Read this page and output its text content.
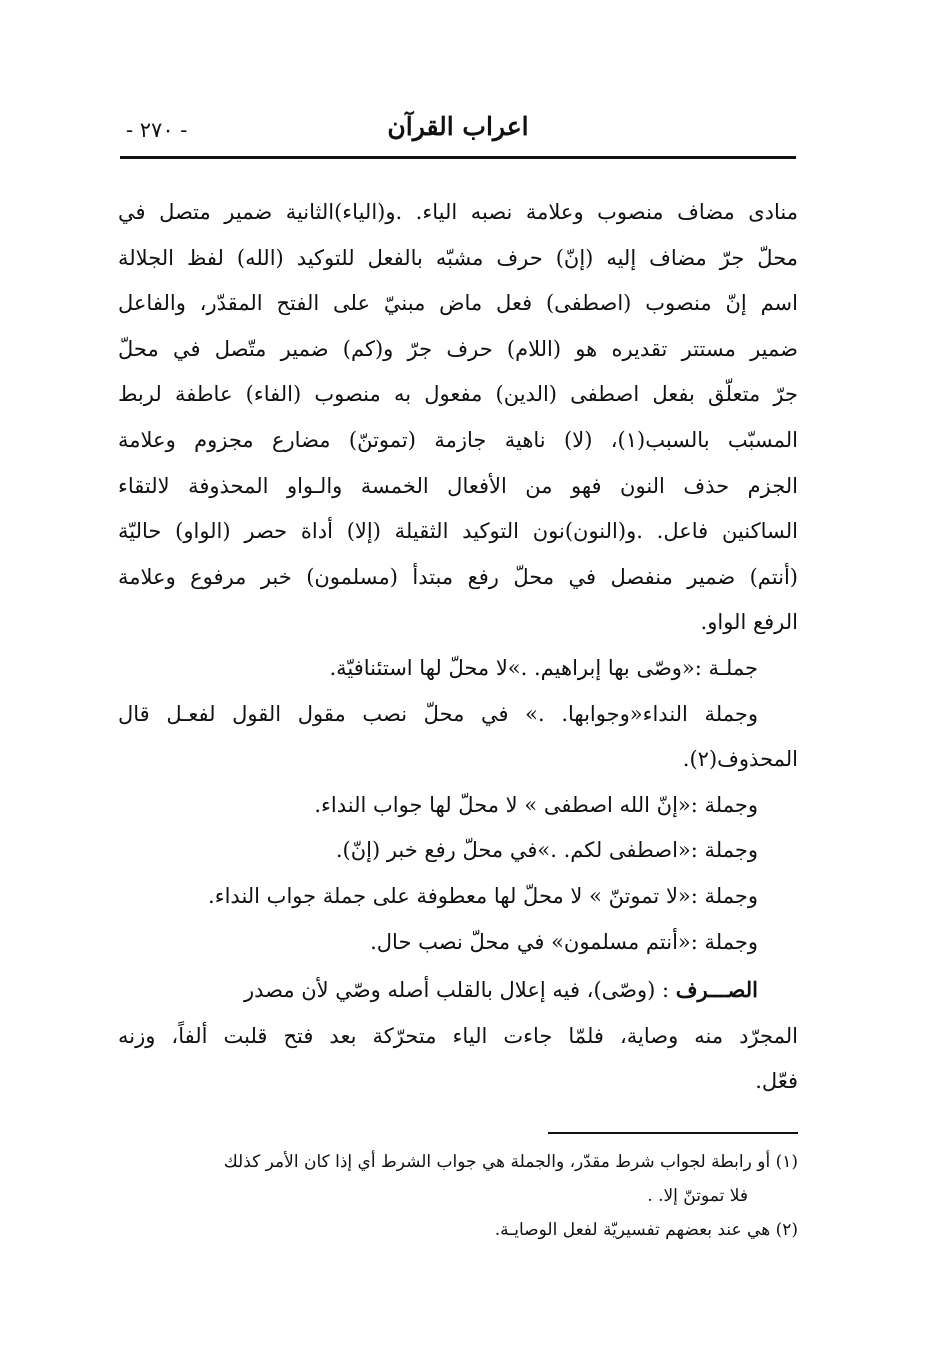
اعراب القرآن
- ٢٧٠ -
منادى مضاف منصوب وعلامة نصبه الياء. .و(الياء)الثانية ضمير متصل في
محلّ جرّ مضاف إليه (إنّ) حرف مشبّه بالفعل للتوكيد (الله) لفظ الجلالة
اسم إنّ منصوب (اصطفى) فعل ماض مبنيّ على الفتح المقدّر، والفاعل
ضمير مستتر تقديره هو (اللام) حرف جرّ و(كم) ضمير متّصل في محلّ
جرّ متعلّق بفعل اصطفى (الدين) مفعول به منصوب (الفاء) عاطفة لربط
المسبّب بالسبب(١)، (لا) ناهية جازمة (تموتنّ) مضارع مجزوم وعلامة
الجزم حذف النون فهو من الأفعال الخمسة والـواو المحذوفة لالتقاء
الساكنين فاعل. .و(النون)نون التوكيد الثقيلة (إلا) أداة حصر (الواو) حاليّة
(أنتم) ضمير منفصل في محلّ رفع مبتدأ (مسلمون) خبر مرفوع وعلامة
الرفع الواو.
جملـة :«وصّى بها إبراهيم. .»لا محلّ لها استئنافيّة.
وجملة النداء«وجوابها. .» في محلّ نصب مقول القول لفعـل قال
المحذوف(٢).
وجملة :«إنّ الله اصطفى » لا محلّ لها جواب النداء.
وجملة :«اصطفى لكم. .»في محلّ رفع خبر (إنّ).
وجملة :«لا تموتنّ » لا محلّ لها معطوفة على جملة جواب النداء.
وجملة :«أنتم مسلمون» في محلّ نصب حال.
الصـــرف : (وصّى)، فيه إعلال بالقلب أصله وصّي لأن مصدر
المجرّد منه وصاية، فلمّا جاءت الياء متحرّكة بعد فتح قلبت ألفاً، وزنه
فعّل.
(١) أو رابطة لجواب شرط مقدّر، والجملة هي جواب الشرط أي إذا كان الأمر كذلك
فلا تموتنّ إلا. .
(٢) هي عند بعضهم تفسيريّة لفعل الوصايـة.
